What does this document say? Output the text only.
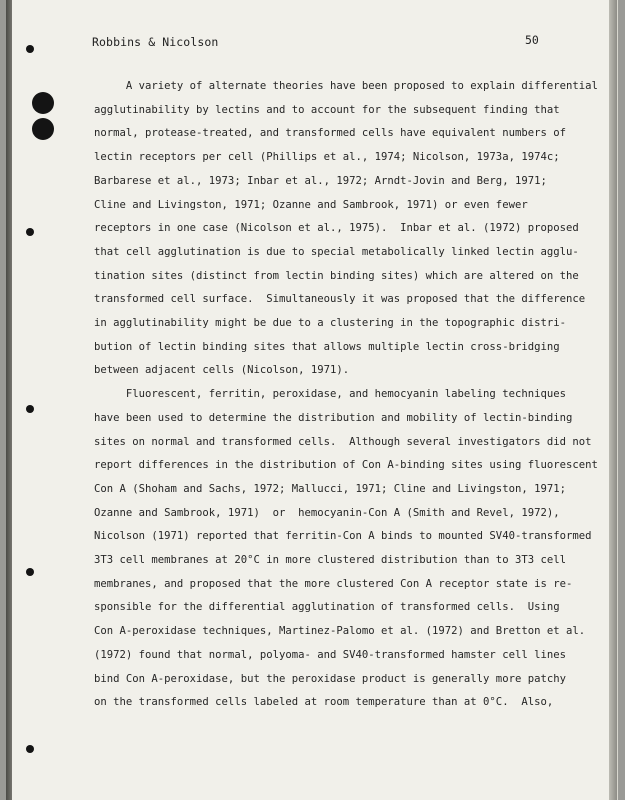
Robbins & Nicolson	50
A variety of alternate theories have been proposed to explain differential
agglutinability by lectins and to account for the subsequent finding that
normal, protease-treated, and transformed cells have equivalent numbers of
lectin receptors per cell (Phillips et al., 1974; Nicolson, 1973a, 1974c;
Barbarese et al., 1973; Inbar et al., 1972; Arndt-Jovin and Berg, 1971;
Cline and Livingston, 1971; Ozanne and Sambrook, 1971) or even fewer
receptors in one case (Nicolson et al., 1975).  Inbar et al. (1972) proposed
that cell agglutination is due to special metabolically linked lectin agglu-
tination sites (distinct from lectin binding sites) which are altered on the
transformed cell surface.  Simultaneously it was proposed that the difference
in agglutinability might be due to a clustering in the topographic distri-
bution of lectin binding sites that allows multiple lectin cross-bridging
between adjacent cells (Nicolson, 1971).
Fluorescent, ferritin, peroxidase, and hemocyanin labeling techniques
have been used to determine the distribution and mobility of lectin-binding
sites on normal and transformed cells.  Although several investigators did not
report differences in the distribution of Con A-binding sites using fluorescent
Con A (Shoham and Sachs, 1972; Mallucci, 1971; Cline and Livingston, 1971;
Ozanne and Sambrook, 1971)  or  hemocyanin-Con A (Smith and Revel, 1972),
Nicolson (1971) reported that ferritin-Con A binds to mounted SV40-transformed
3T3 cell membranes at 20°C in more clustered distribution than to 3T3 cell
membranes, and proposed that the more clustered Con A receptor state is re-
sponsible for the differential agglutination of transformed cells.  Using
Con A-peroxidase techniques, Martinez-Palomo et al. (1972) and Bretton et al.
(1972) found that normal, polyoma- and SV40-transformed hamster cell lines
bind Con A-peroxidase, but the peroxidase product is generally more patchy
on the transformed cells labeled at room temperature than at 0°C.  Also,
